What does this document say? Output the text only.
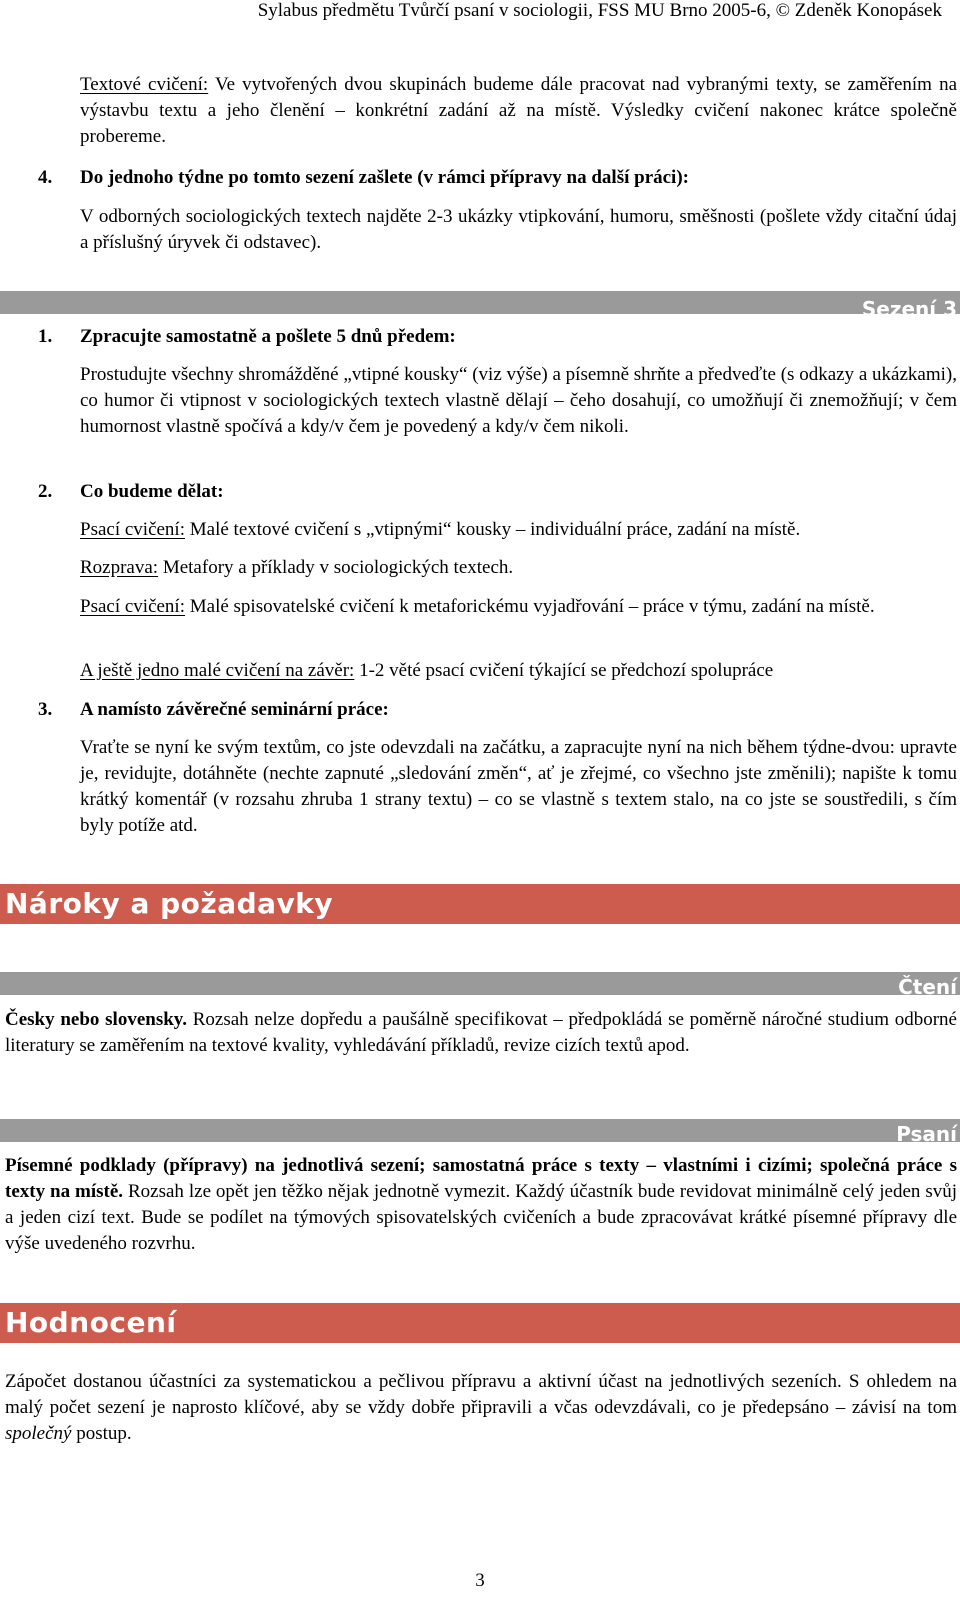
Sylabus předmětu Tvůrčí psaní v sociologii, FSS MU Brno 2005-6, © Zdeněk Konopásek
Textové cvičení: Ve vytvořených dvou skupinách budeme dále pracovat nad vybranými texty, se zaměřením na výstavbu textu a jeho členění – konkrétní zadání až na místě. Výsledky cvičení nakonec krátce společně probereme.
4. Do jednoho týdne po tomto sezení zašlete (v rámci přípravy na další práci):
V odborných sociologických textech najděte 2-3 ukázky vtipkování, humoru, směšnosti (pošlete vždy citační údaj a příslušný úryvek či odstavec).
Sezení 3
1. Zpracujte samostatně a pošlete 5 dnů předem:
Prostudujte všechny shromážděné „vtipné kousky“ (viz výše) a písemně shrňte a předveďte (s odkazy a ukázkami), co humor či vtipnost v sociologických textech vlastně dělají – čeho dosahují, co umožňují či znemožňují; v čem humornost vlastně spočívá a kdy/v čem je povedený a kdy/v čem nikoli.
2. Co budeme dělat:
Psací cvičení: Malé textové cvičení s „vtipnými“ kousky – individuální práce, zadání na místě.
Rozprava: Metafory a příklady v sociologických textech.
Psací cvičení: Malé spisovatelské cvičení k metaforickému vyjadřování – práce v týmu, zadání na místě.
A ještě jedno malé cvičení na závěr: 1-2 věté psací cvičení týkající se předchozí spolupráce
3. A namísto závěrečné seminární práce:
Vraťte se nyní ke svým textům, co jste odevzdali na začátku, a zapracujte nyní na nich během týdne-dvou: upravte je, revidujte, dotáhněte (nechte zapnuté „sledování změn“, ať je zřejmé, co všechno jste změnili); napište k tomu krátký komentář (v rozsahu zhruba 1 strany textu) – co se vlastně s textem stalo, na co jste se soustředili, s čím byly potíže atd.
Nároky a požadavky
Čtení
Česky nebo slovensky. Rozsah nelze dopředu a paušálně specifikovat – předpokládá se poměrně náročné studium odborné literatury se zaměřením na textové kvality, vyhledávání příkladů, revize cizích textů apod.
Psaní
Písemné podklady (přípravy) na jednotlivá sezení; samostatná práce s texty – vlastními i cizími; společná práce s texty na místě. Rozsah lze opět jen těžko nějak jednotně vymezit. Každý účastník bude revidovat minimálně celý jeden svůj a jeden cizí text. Bude se podílet na týmových spisovatelských cvičeních a bude zpracovávat krátké písemné přípravy dle výše uvedeného rozvrhu.
Hodnocení
Zápočet dostanou účastníci za systematickou a pečlivou přípravu a aktivní účast na jednotlivých sezeních. S ohledem na malý počet sezení je naprosto klíčové, aby se vždy dobře připravili a včas odevzdávali, co je předepsáno – závisí na tom společný postup.
3
